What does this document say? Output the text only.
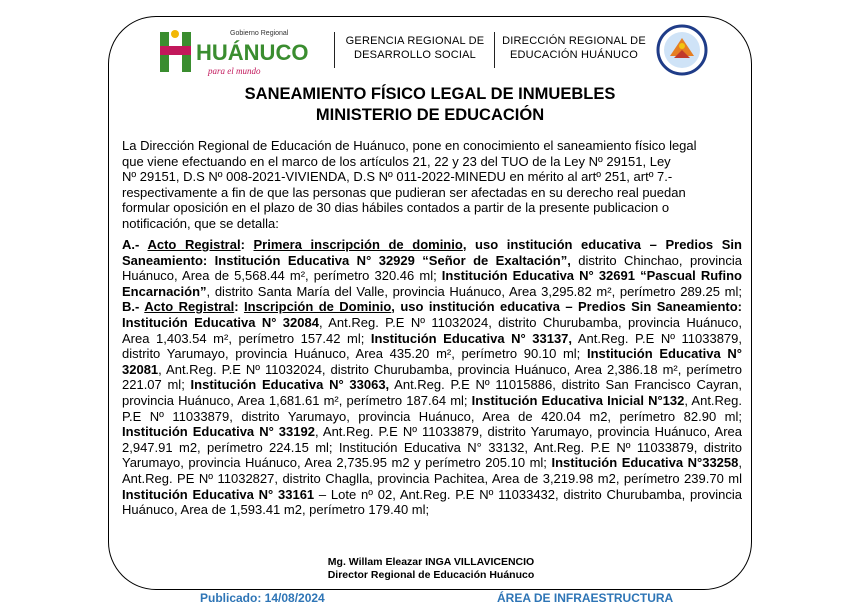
Gobierno Regional
HUÁNUCO
para el mundo
GERENCIA REGIONAL DE
DESARROLLO SOCIAL
DIRECCIÓN REGIONAL DE
EDUCACIÓN HUÁNUCO
SANEAMIENTO FÍSICO LEGAL DE INMUEBLES
MINISTERIO DE EDUCACIÓN
La Dirección Regional de Educación de Huánuco, pone en conocimiento el saneamiento físico legal
que viene efectuando en el marco de los artículos 21, 22 y 23 del TUO de la Ley Nº 29151, Ley
Nº 29151, D.S Nº 008-2021-VIVIENDA, D.S Nº 011-2022-MINEDU en mérito al artº 251, artº 7.-
respectivamente a fin de que las personas que pudieran ser afectadas en su derecho real puedan
formular oposición en el plazo de 30 dias hábiles contados a partir de la presente publicacion o
notificación, que se detalla:
A.- Acto Registral: Primera inscripción de dominio, uso institución educativa – Predios Sin Saneamiento: Institución Educativa N° 32929 “Señor de Exaltación”, distrito Chinchao, provincia Huánuco, Area de 5,568.44 m², perímetro 320.46 ml; Institución Educativa N° 32691 “Pascual Rufino Encarnación”, distrito Santa María del Valle, provincia Huánuco, Area 3,295.82 m², perímetro 289.25 ml; B.- Acto Registral: Inscripción de Dominio, uso institución educativa – Predios Sin Saneamiento: Institución Educativa N° 32084, Ant.Reg. P.E Nº 11032024, distrito Churubamba, provincia Huánuco, Area 1,403.54 m², perímetro 157.42 ml; Institución Educativa N° 33137, Ant.Reg. P.E Nº 11033879, distrito Yarumayo, provincia Huánuco, Area 435.20 m², perímetro 90.10 ml; Institución Educativa N° 32081, Ant.Reg. P.E Nº 11032024, distrito Churubamba, provincia Huánuco, Area 2,386.18 m², perímetro 221.07 ml; Institución Educativa N° 33063, Ant.Reg. P.E Nº 11015886, distrito San Francisco Cayran, provincia Huánuco, Area 1,681.61 m², perímetro 187.64 ml; Institución Educativa Inicial N°132, Ant.Reg. P.E Nº 11033879, distrito Yarumayo, provincia Huánuco, Area de 420.04 m2, perímetro 82.90 ml; Institución Educativa N° 33192, Ant.Reg. P.E Nº 11033879, distrito Yarumayo, provincia Huánuco, Area 2,947.91 m2, perímetro 224.15 ml; Institución Educativa N° 33132, Ant.Reg. P.E Nº 11033879, distrito Yarumayo, provincia Huánuco, Area 2,735.95 m2 y perímetro 205.10 ml; Institución Educativa N°33258, Ant.Reg. PE Nº 11032827, distrito Chaglla, provincia Pachitea, Area de 3,219.98 m2, perímetro 239.70 ml Institución Educativa N° 33161 – Lote nº 02, Ant.Reg. P.E Nº 11033432, distrito Churubamba, provincia Huánuco, Area de 1,593.41 m2, perímetro 179.40 ml;
Mg. Willam Eleazar INGA VILLAVICENCIO
Director Regional de Educación Huánuco
Publicado: 14/08/2024	ÁREA DE INFRAESTRUCTURA
